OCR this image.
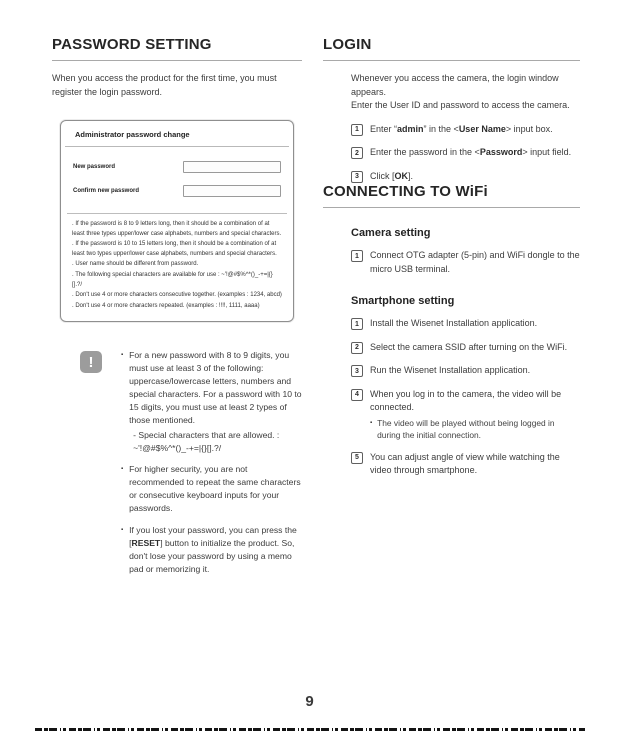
PASSWORD SETTING

When you access the product for the first time, you must register the login password.

Administrator password change
New password
Confirm new password
. If the password is 8 to 9 letters long, then it should be a combination of at least three types upper/lower case alphabets, numbers and special characters.
. If the password is 10 to 15 letters long, then it should be a combination of at least two types upper/lower case alphabets, numbers and special characters.
. User name should be different from password.
. The following special characters are available for use : ~'!@#$%^*()_-+=|{}[].?/
. Don't use 4 or more characters consecutive together. (examples : 1234, abcd)
. Don't use 4 or more characters repeated. (examples : !!!!, 1111, aaaa)
!	▪ For a new password with 8 to 9 digits, you must use at least 3 of the following: uppercase/lowercase letters, numbers and special characters. For a password with 10 to 15 digits, you must use at least 2 types of those mentioned.
- Special characters that are allowed. : ~'!@#$%^*()_-+=|{}[].?/
▪ For higher security, you are not recommended to repeat the same characters or consecutive keyboard inputs for your passwords.
▪ If you lost your password, you can press the [RESET] button to initialize the product. So, don't lose your password by using a memo pad or memorizing it.
LOGIN
Whenever you access the camera, the login window appears.
Enter the User ID and password to access the camera.
1	Enter “admin” in the <User Name> input box.
2	Enter the password in the <Password> input field.
3	Click [OK].
CONNECTING TO WiFi
Camera setting
1	Connect OTG adapter (5-pin) and WiFi dongle to the micro USB terminal.
Smartphone setting
1	Install the Wisenet Installation application.
2	Select the camera SSID after turning on the WiFi.
3	Run the Wisenet Installation application.
4	When you log in to the camera, the video will be connected.
▪ The video will be played without being logged in during the initial connection.
5	You can adjust angle of view while watching the video through smartphone.
9
